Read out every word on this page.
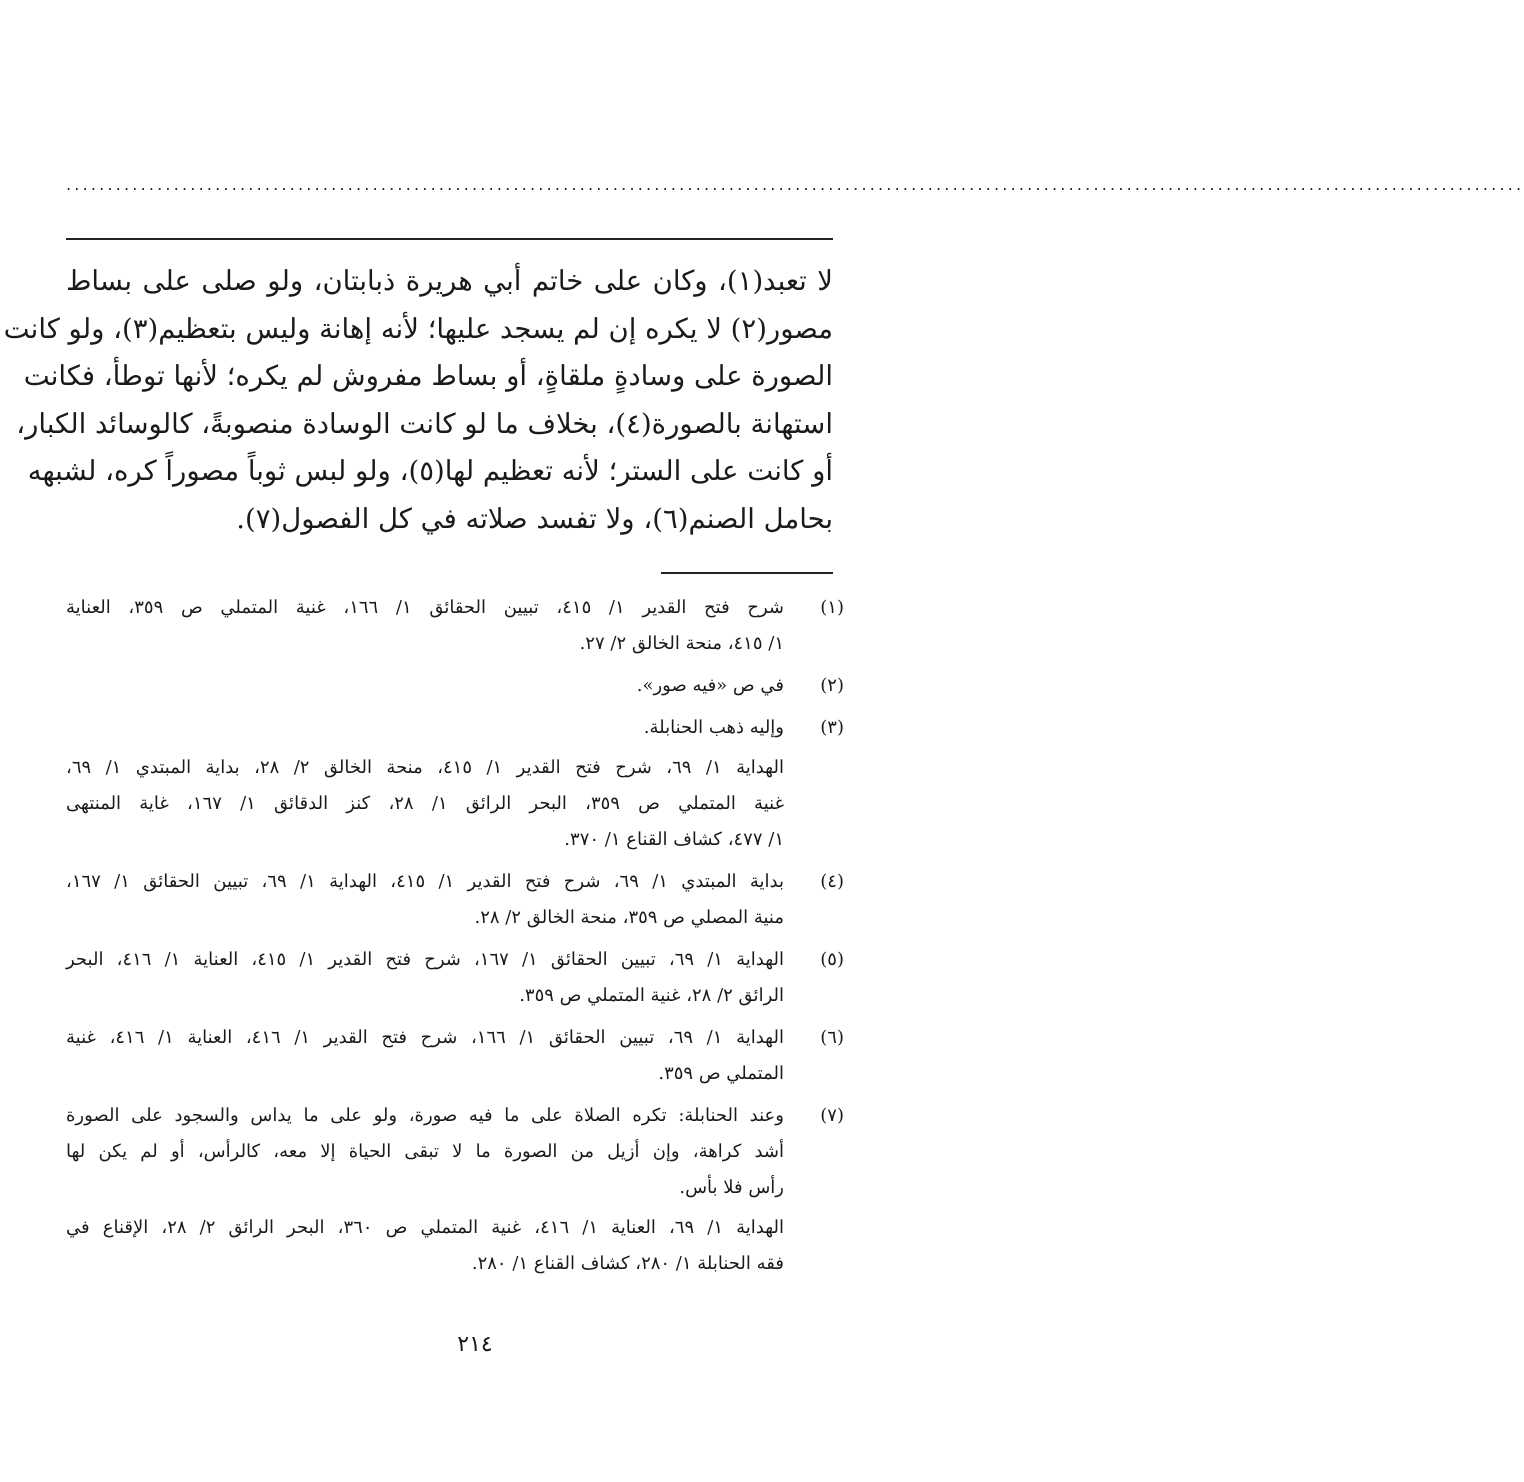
................................................................................................................................................................................
لا تعبد(١)، وكان على خاتم أبي هريرة ذبابتان، ولو صلى على بساط
مصور(٢) لا يكره إن لم يسجد عليها؛ لأنه إهانة وليس بتعظيم(٣)، ولو كانت
الصورة على وسادةٍ ملقاةٍ، أو بساط مفروش لم يكره؛ لأنها توطأ، فكانت
استهانة بالصورة(٤)، بخلاف ما لو كانت الوسادة منصوبةً، كالوسائد الكبار،
أو كانت على الستر؛ لأنه تعظيم لها(٥)، ولو لبس ثوباً مصوراً كره، لشبهه
بحامل الصنم(٦)، ولا تفسد صلاته في كل الفصول(٧).
(١)
شرح فتح القدير ١/ ٤١٥، تبيين الحقائق ١/ ١٦٦، غنية المتملي ص ٣٥٩، العناية
١/ ٤١٥، منحة الخالق ٢/ ٢٧.
(٢)
في ص «فيه صور».
(٣)
وإليه ذهب الحنابلة.
الهداية ١/ ٦٩، شرح فتح القدير ١/ ٤١٥، منحة الخالق ٢/ ٢٨، بداية المبتدي ١/ ٦٩،
غنية المتملي ص ٣٥٩، البحر الرائق ١/ ٢٨، كنز الدقائق ١/ ١٦٧، غاية المنتهى
١/ ٤٧٧، كشاف القناع ١/ ٣٧٠.
(٤)
بداية المبتدي ١/ ٦٩، شرح فتح القدير ١/ ٤١٥، الهداية ١/ ٦٩، تبيين الحقائق ١/ ١٦٧،
منية المصلي ص ٣٥٩، منحة الخالق ٢/ ٢٨.
(٥)
الهداية ١/ ٦٩، تبيين الحقائق ١/ ١٦٧، شرح فتح القدير ١/ ٤١٥، العناية ١/ ٤١٦، البحر
الرائق ٢/ ٢٨، غنية المتملي ص ٣٥٩.
(٦)
الهداية ١/ ٦٩، تبيين الحقائق ١/ ١٦٦، شرح فتح القدير ١/ ٤١٦، العناية ١/ ٤١٦، غنية
المتملي ص ٣٥٩.
(٧)
وعند الحنابلة: تكره الصلاة على ما فيه صورة، ولو على ما يداس والسجود على الصورة
أشد كراهة، وإن أزيل من الصورة ما لا تبقى الحياة إلا معه، كالرأس، أو لم يكن لها
رأس فلا بأس.
الهداية ١/ ٦٩، العناية ١/ ٤١٦، غنية المتملي ص ٣٦٠، البحر الرائق ٢/ ٢٨، الإقناع في
فقه الحنابلة ١/ ٢٨٠، كشاف القناع ١/ ٢٨٠.
٢١٤
